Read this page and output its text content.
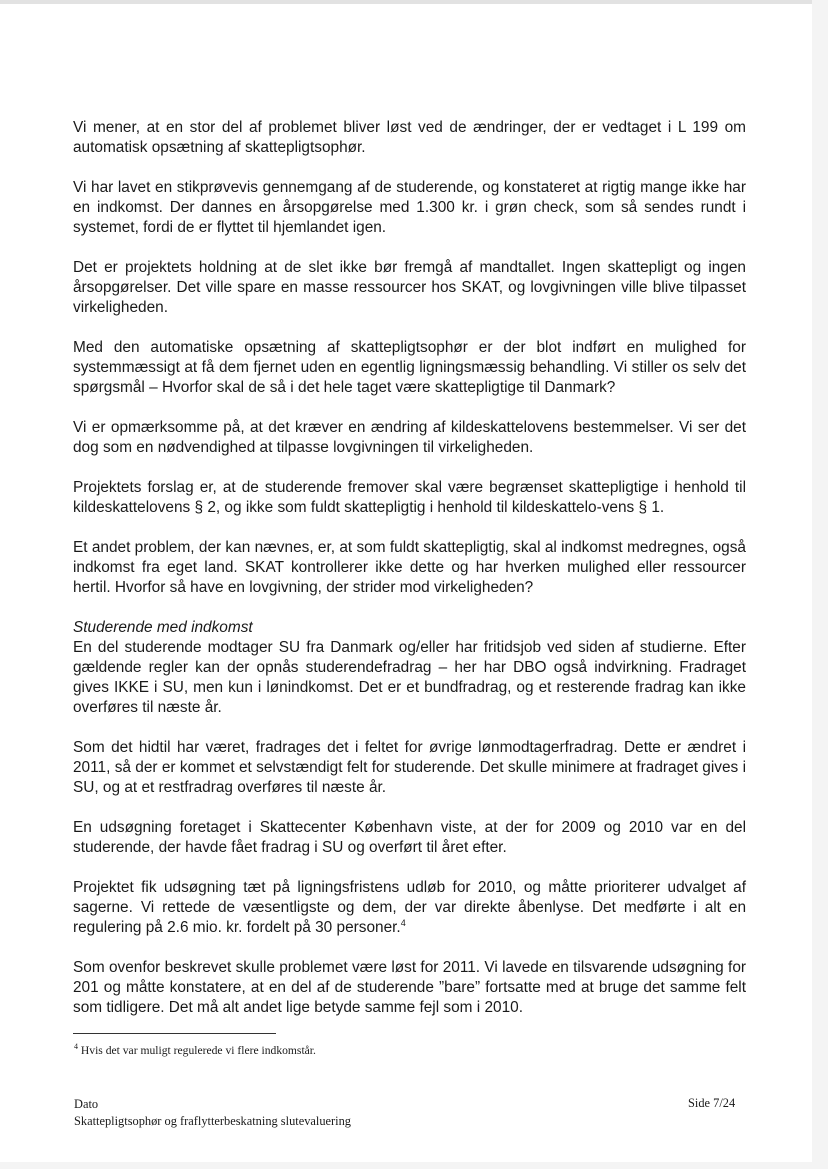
Vi mener, at en stor del af problemet bliver løst ved de ændringer, der er vedtaget i L 199 om automatisk opsætning af skattepligtsophør.

Vi har lavet en stikprøvevis gennemgang af de studerende, og konstateret at rigtig mange ikke har en indkomst. Der dannes en årsopgørelse med 1.300 kr. i grøn check, som så sendes rundt i systemet, fordi de er flyttet til hjemlandet igen.

Det er projektets holdning at de slet ikke bør fremgå af mandtallet. Ingen skattepligt og ingen årsopgørelser. Det ville spare en masse ressourcer hos SKAT, og lovgivningen ville blive tilpasset virkeligheden.

Med den automatiske opsætning af skattepligtsophør er der blot indført en mulighed for systemmæssigt at få dem fjernet uden en egentlig ligningsmæssig behandling. Vi stiller os selv det spørgsmål – Hvorfor skal de så i det hele taget være skattepligtige til Danmark?

Vi er opmærksomme på, at det kræver en ændring af kildeskattelovens bestemmelser. Vi ser det dog som en nødvendighed at tilpasse lovgivningen til virkeligheden.

Projektets forslag er, at de studerende fremover skal være begrænset skattepligtige i henhold til kildeskattelovens § 2, og ikke som fuldt skattepligtig i henhold til kildeskattelo-vens § 1.

Et andet problem, der kan nævnes, er, at som fuldt skattepligtig, skal al indkomst medregnes, også indkomst fra eget land. SKAT kontrollerer ikke dette og har hverken mulighed eller ressourcer hertil. Hvorfor så have en lovgivning, der strider mod virkeligheden?

Studerende med indkomst

En del studerende modtager SU fra Danmark og/eller har fritidsjob ved siden af studierne. Efter gældende regler kan der opnås studerendefradrag – her har DBO også indvirkning. Fradraget gives IKKE i SU, men kun i lønindkomst. Det er et bundfradrag, og et resterende fradrag kan ikke overføres til næste år.

Som det hidtil har været, fradrages det i feltet for øvrige lønmodtagerfradrag. Dette er ændret i 2011, så der er kommet et selvstændigt felt for studerende. Det skulle minimere at fradraget gives i SU, og at et restfradrag overføres til næste år.

En udsøgning foretaget i Skattecenter København viste, at der for 2009 og 2010 var en del studerende, der havde fået fradrag i SU og overført til året efter.

Projektet fik udsøgning tæt på ligningsfristens udløb for 2010, og måtte prioriterer udvalget af sagerne. Vi rettede de væsentligste og dem, der var direkte åbenlyse. Det medførte i alt en regulering på 2.6 mio. kr. fordelt på 30 personer.$^4$

Som ovenfor beskrevet skulle problemet være løst for 2011. Vi lavede en tilsvarende udsøgning for 201 og måtte konstatere, at en del af de studerende ”bare” fortsatte med at bruge det samme felt som tidligere. Det må alt andet lige betyde samme fejl som i 2010.

$^4$ Hvis det var muligt regulerede vi flere indkomstår.
Dato
Skattepligtsophør og fraflytterbeskatning slutevaluering
Side 7/24
